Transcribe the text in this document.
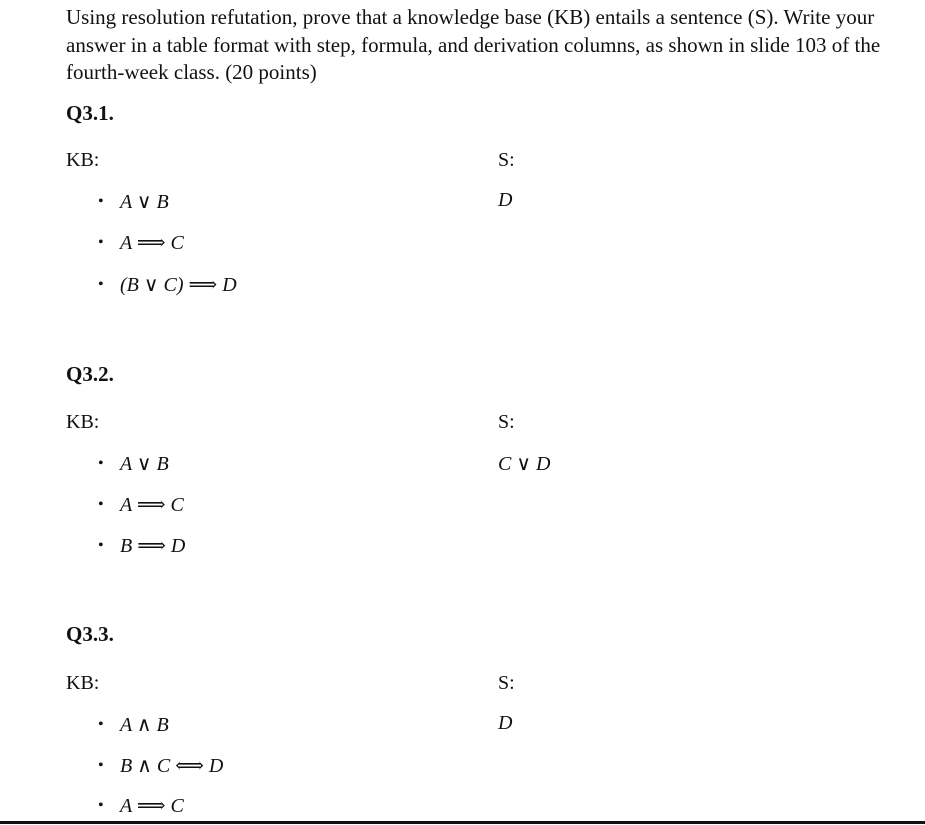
Using resolution refutation, prove that a knowledge base (KB) entails a sentence (S). Write your answer in a table format with step, formula, and derivation columns, as shown in slide 103 of the fourth-week class. (20 points)

Q3.1.

KB:	S:
• A ∨ B
• A ⟹ C
• (B ∨ C) ⟹ D
D

Q3.2.

KB:	S:
• A ∨ B
• A ⟹ C
• B ⟹ D
C ∨ D

Q3.3.

KB:	S:
• A ∧ B
• B ∧ C ⟺ D
• A ⟹ C
D
